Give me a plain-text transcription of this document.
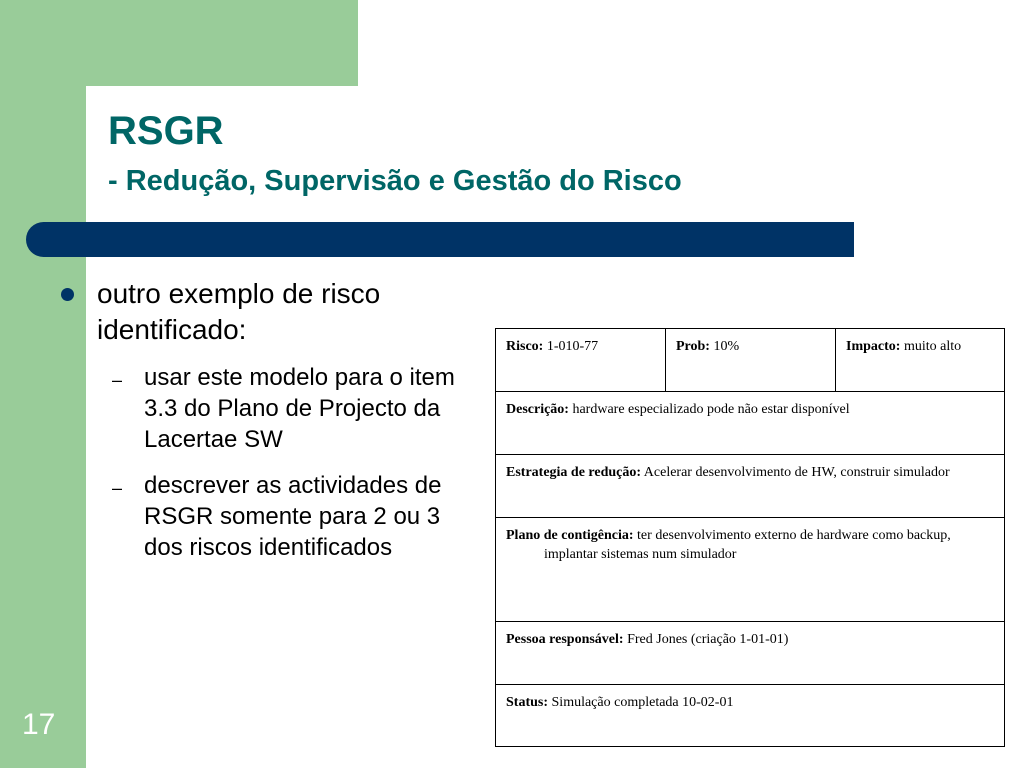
RSGR
- Redução, Supervisão e Gestão do Risco
outro exemplo de risco identificado:
– usar este modelo para o item 3.3 do Plano de Projecto da Lacertae SW
– descrever as actividades de RSGR somente para 2 ou 3 dos riscos identificados
Risco: 1-010-77	Prob: 10%	Impacto: muito alto
Descrição: hardware especializado pode não estar disponível

Estrategia de redução: Acelerar desenvolvimento de HW, construir simulador

Plano de contigência: ter desenvolvimento externo de hardware como backup, implantar sistemas num simulador

Pessoa responsável: Fred Jones (criação 1-01-01)
Status: Simulação completada 10-02-01
17
